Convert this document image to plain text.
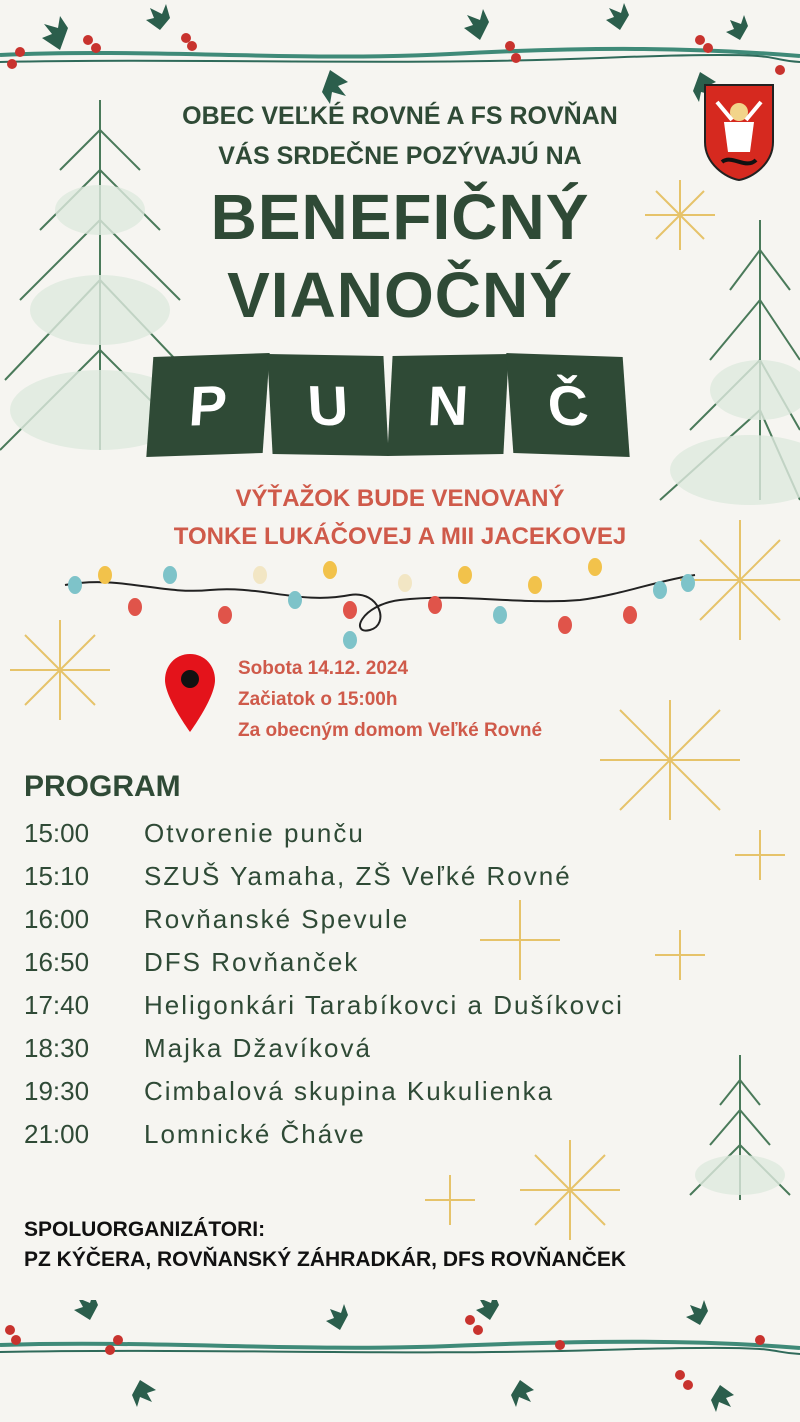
OBEC VEĽKÉ ROVNÉ A FS ROVŇAN
VÁS SRDEČNE POZÝVAJÚ NA
BENEFIČNÝ
VIANOČNÝ
P	U	N	Č
VÝŤAŽOK BUDE VENOVANÝ
TONKE LUKÁČOVEJ A MII JACEKOVEJ
Sobota 14.12. 2024
Začiatok o 15:00h
Za obecným domom Veľké Rovné
PROGRAM
15:00 Otvorenie punču
15:10 SZUŠ Yamaha, ZŠ Veľké Rovné
16:00 Rovňanské Spevule
16:50 DFS Rovňanček
17:40 Heligonkári Tarabíkovci a Dušíkovci
18:30 Majka Džavíková
19:30 Cimbalová skupina Kukulienka
21:00 Lomnické Čháve
SPOLUORGANIZÁTORI:
PZ KÝČERA, ROVŇANSKÝ ZÁHRADKÁR, DFS ROVŇANČEK
